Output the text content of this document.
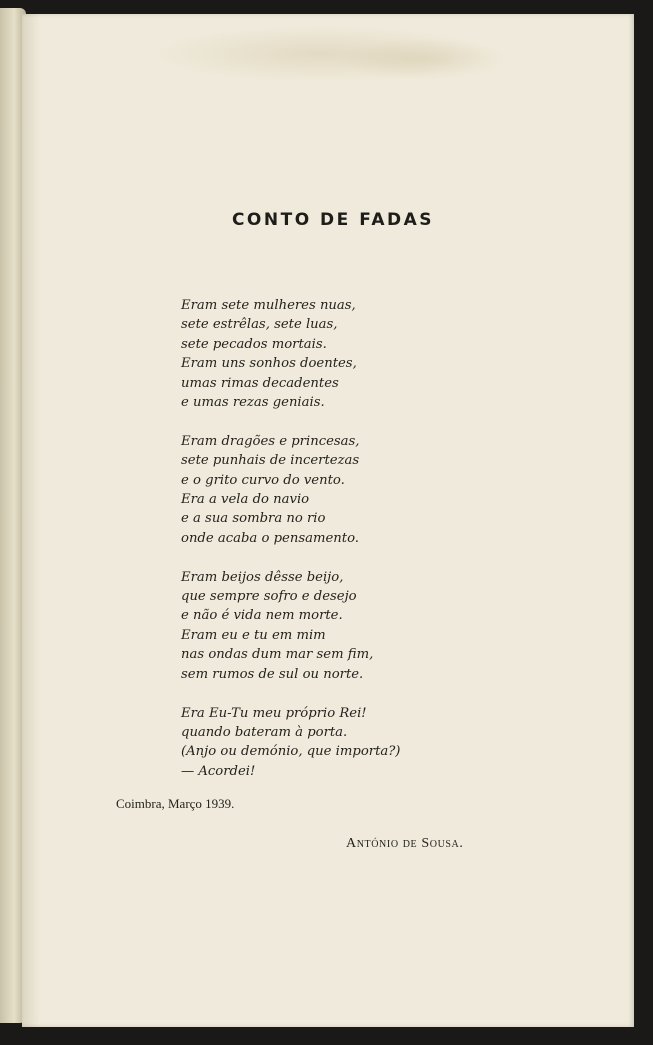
CONTO DE FADAS
Eram sete mulheres nuas,
sete estrêlas, sete luas,
sete pecados mortais.
Eram uns sonhos doentes,
umas rimas decadentes
e umas rezas geniais.
Eram dragões e princesas,
sete punhais de incertezas
e o grito curvo do vento.
Era a vela do navio
e a sua sombra no rio
onde acaba o pensamento.
Eram beijos dêsse beijo,
que sempre sofro e desejo
e não é vida nem morte.
Eram eu e tu em mim
nas ondas dum mar sem fim,
sem rumos de sul ou norte.
Era Eu-Tu meu próprio Rei!
quando bateram à porta.
(Anjo ou demónio, que importa?)
— Acordei!

Coimbra, Março 1939.

António de Sousa.
